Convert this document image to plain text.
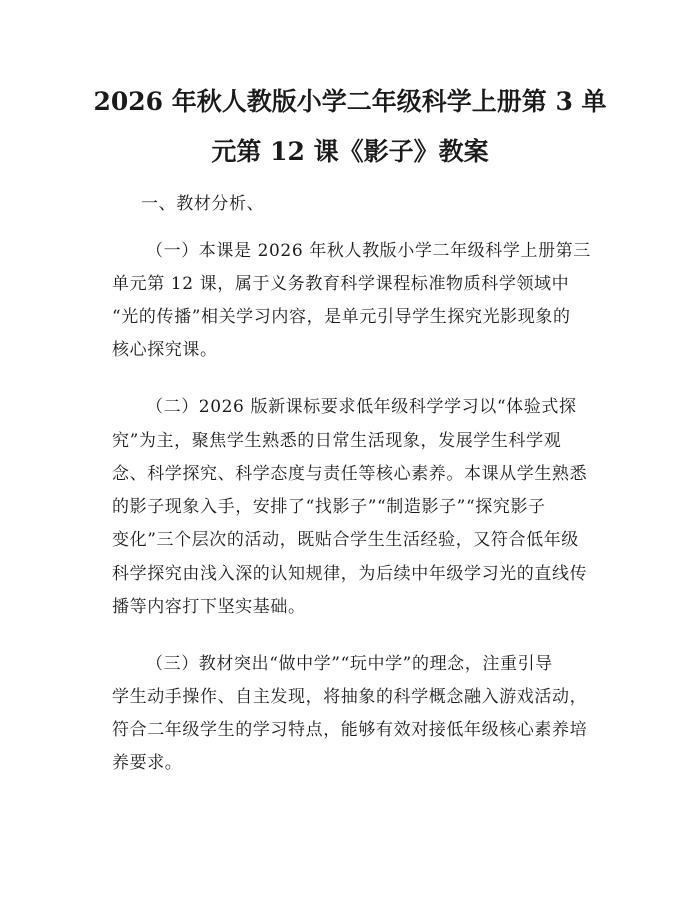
2026 年秋人教版小学二年级科学上册第 3 单
元第 12 课《影子》教案

一、教材分析、

（一）本课是 2026 年秋人教版小学二年级科学上册第三

单元第 12 课，属于义务教育科学课程标准物质科学领域中

“光的传播”相关学习内容，是单元引导学生探究光影现象的

核心探究课。

（二）2026 版新课标要求低年级科学学习以“体验式探

究”为主，聚焦学生熟悉的日常生活现象，发展学生科学观

念、科学探究、科学态度与责任等核心素养。本课从学生熟悉

的影子现象入手，安排了“找影子”“制造影子”“探究影子

变化”三个层次的活动，既贴合学生生活经验，又符合低年级

科学探究由浅入深的认知规律，为后续中年级学习光的直线传

播等内容打下坚实基础。

（三）教材突出“做中学”“玩中学”的理念，注重引导

学生动手操作、自主发现，将抽象的科学概念融入游戏活动，

符合二年级学生的学习特点，能够有效对接低年级核心素养培

养要求。
